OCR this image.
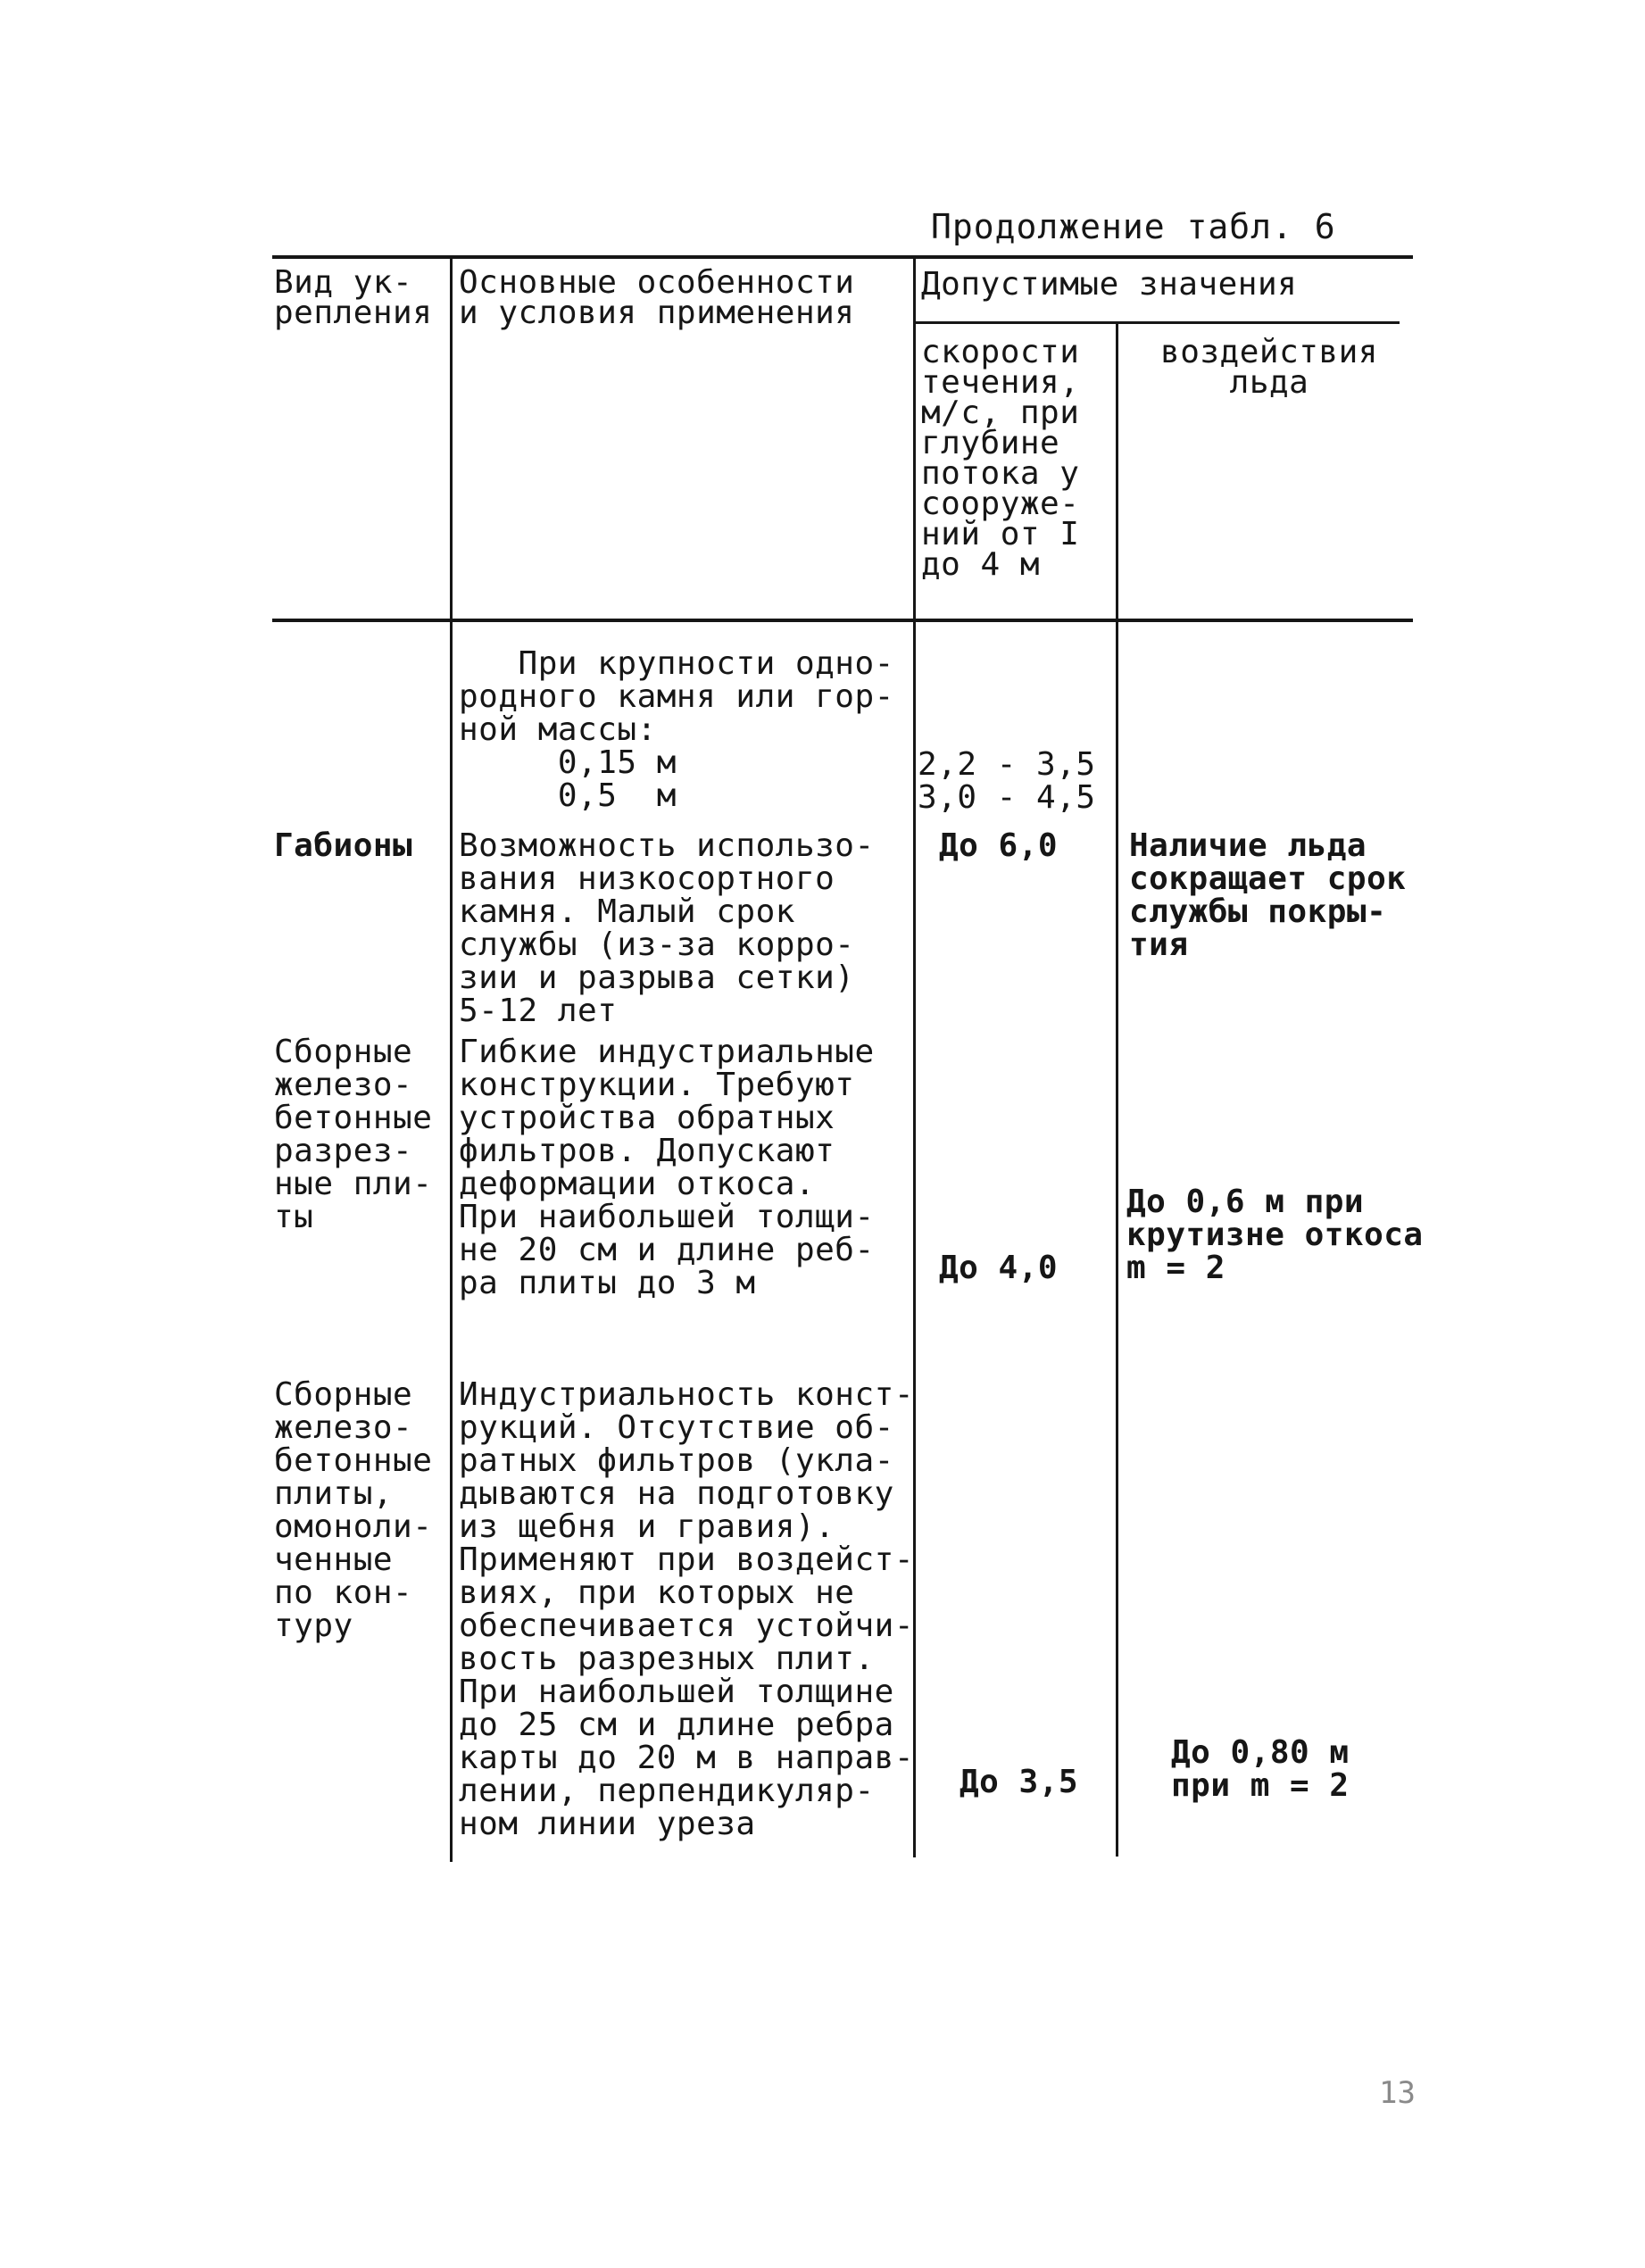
Продолжение табл. 6
Вид ук-
репления
Основные особенности
и условия применения
Допустимые значения
скорости
течения,
м/с, при
глубине
потока у
сооруже-
ний от I
до 4 м
воздействия
льда
При крупности одно-
родного камня или гор-
ной массы:
0,15 м
0,5  м
2,2 - 3,5
3,0 - 4,5
Габионы Возможность использо-
вания низкосортного
камня. Малый срок
службы (из-за корро-
зии и разрыва сетки)
5-12 лет
До 6,0 Наличие льда
сокращает срок
службы покры-
тия
Сборные
железо-
бетонные
разрез-
ные пли-
ты
Гибкие индустриальные
конструкции. Требуют
устройства обратных
фильтров. Допускают
деформации откоса.
При наибольшей толщи-
не 20 см и длине реб-
ра плиты до 3 м	До 4,0
До 0,6 м при
крутизне откоса
m = 2
Сборные
железо-
бетонные
плиты,
омоноли-
ченные
по кон-
туру
Индустриальность конст-
рукций. Отсутствие об-
ратных фильтров (укла-
дываются на подготовку
из щебня и гравия).
Применяют при воздейст-
виях, при которых не
обеспечивается устойчи-
вость разрезных плит.
При наибольшей толщине
до 25 см и длине ребра
карты до 20 м в направ-
лении, перпендикуляр-
ном линии уреза
До 3,5
До 0,80 м
при m = 2
13
